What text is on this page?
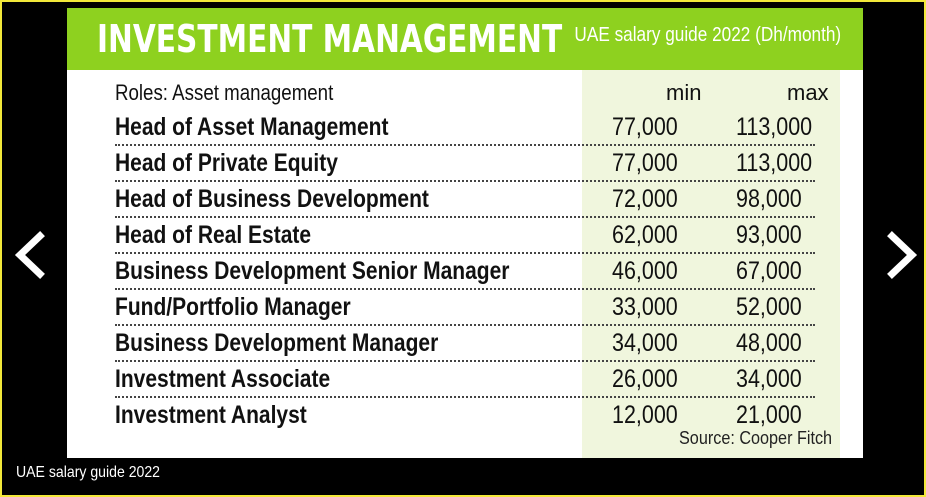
INVESTMENT MANAGEMENT UAE salary guide 2022 (Dh/month)
Roles: Asset management	min	max
Head of Asset Management	77,000 113,000
Head of Private Equity	77,000 113,000
Head of Business Development	72,000 98,000
Head of Real Estate	62,000 93,000
Business Development Senior Manager	46,000 67,000
Fund/Portfolio Manager	33,000 52,000
Business Development Manager	34,000 48,000
Investment Associate	26,000 34,000
Investment Analyst	12,000 21,000
Source: Cooper Fitch
UAE salary guide 2022
